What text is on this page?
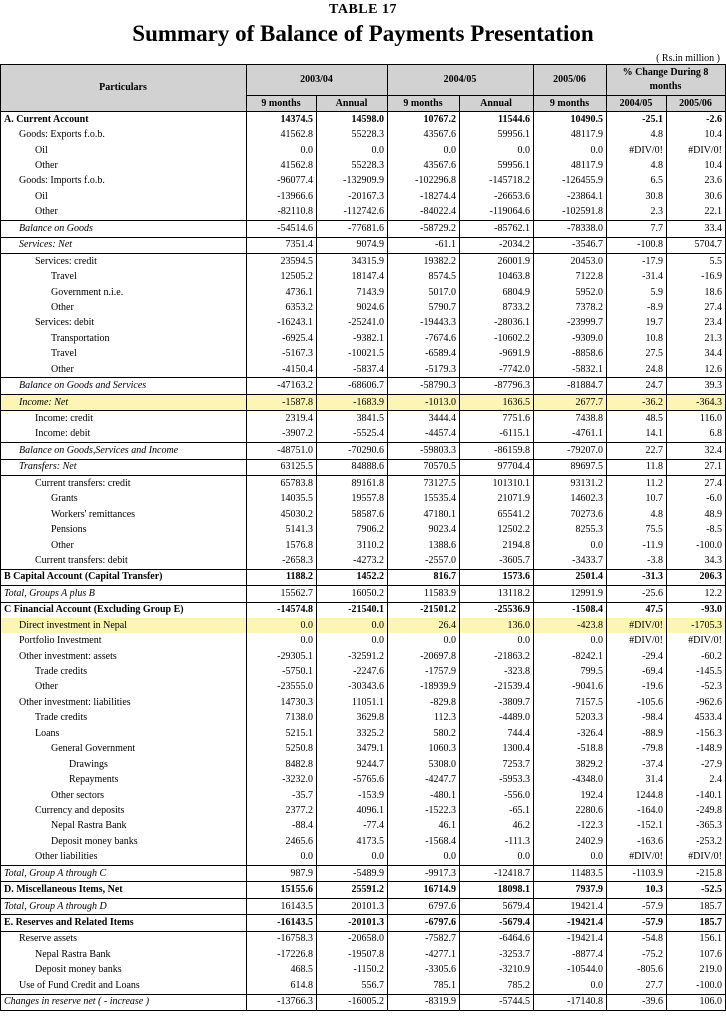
TABLE 17
Summary of Balance of Payments Presentation
( Rs.in million )
Particulars	2003/04		2004/05		2005/06	% Change During 8 months	
	9 months	Annual	9 months	Annual	9 months	2004/05	2005/06
A. Current Account	14374.5	14598.0	10767.2	11544.6	10490.5	-25.1	-2.6
Goods: Exports f.o.b.	41562.8	55228.3	43567.6	59956.1	48117.9	4.8	10.4
Oil	0.0	0.0	0.0	0.0	0.0	#DIV/0!	#DIV/0!
Other	41562.8	55228.3	43567.6	59956.1	48117.9	4.8	10.4
Goods: Imports f.o.b.	-96077.4	-132909.9	-102296.8	-145718.2	-126455.9	6.5	23.6
Oil	-13966.6	-20167.3	-18274.4	-26653.6	-23864.1	30.8	30.6
Other	-82110.8	-112742.6	-84022.4	-119064.6	-102591.8	2.3	22.1
Balance on Goods	-54514.6	-77681.6	-58729.2	-85762.1	-78338.0	7.7	33.4
Services: Net	7351.4	9074.9	-61.1	-2034.2	-3546.7	-100.8	5704.7
Services: credit	23594.5	34315.9	19382.2	26001.9	20453.0	-17.9	5.5
Travel	12505.2	18147.4	8574.5	10463.8	7122.8	-31.4	-16.9
Government n.i.e.	4736.1	7143.9	5017.0	6804.9	5952.0	5.9	18.6
Other	6353.2	9024.6	5790.7	8733.2	7378.2	-8.9	27.4
Services: debit	-16243.1	-25241.0	-19443.3	-28036.1	-23999.7	19.7	23.4
Transportation	-6925.4	-9382.1	-7674.6	-10602.2	-9309.0	10.8	21.3
Travel	-5167.3	-10021.5	-6589.4	-9691.9	-8858.6	27.5	34.4
Other	-4150.4	-5837.4	-5179.3	-7742.0	-5832.1	24.8	12.6
Balance on Goods and Services	-47163.2	-68606.7	-58790.3	-87796.3	-81884.7	24.7	39.3
Income: Net	-1587.8	-1683.9	-1013.0	1636.5	2677.7	-36.2	-364.3
Income: credit	2319.4	3841.5	3444.4	7751.6	7438.8	48.5	116.0
Income: debit	-3907.2	-5525.4	-4457.4	-6115.1	-4761.1	14.1	6.8
Balance on Goods,Services and Income	-48751.0	-70290.6	-59803.3	-86159.8	-79207.0	22.7	32.4
Transfers: Net	63125.5	84888.6	70570.5	97704.4	89697.5	11.8	27.1
Current transfers: credit	65783.8	89161.8	73127.5	101310.1	93131.2	11.2	27.4
Grants	14035.5	19557.8	15535.4	21071.9	14602.3	10.7	-6.0
Workers' remittances	45030.2	58587.6	47180.1	65541.2	70273.6	4.8	48.9
Pensions	5141.3	7906.2	9023.4	12502.2	8255.3	75.5	-8.5
Other	1576.8	3110.2	1388.6	2194.8	0.0	-11.9	-100.0
Current transfers: debit	-2658.3	-4273.2	-2557.0	-3605.7	-3433.7	-3.8	34.3
B Capital Account (Capital Transfer)	1188.2	1452.2	816.7	1573.6	2501.4	-31.3	206.3
Total, Groups A plus B	15562.7	16050.2	11583.9	13118.2	12991.9	-25.6	12.2
C Financial Account (Excluding Group E)	-14574.8	-21540.1	-21501.2	-25536.9	-1508.4	47.5	-93.0
Direct investment in Nepal	0.0	0.0	26.4	136.0	-423.8	#DIV/0!	-1705.3
Portfolio Investment	0.0	0.0	0.0	0.0	0.0	#DIV/0!	#DIV/0!
Other investment: assets	-29305.1	-32591.2	-20697.8	-21863.2	-8242.1	-29.4	-60.2
Trade credits	-5750.1	-2247.6	-1757.9	-323.8	799.5	-69.4	-145.5
Other	-23555.0	-30343.6	-18939.9	-21539.4	-9041.6	-19.6	-52.3
Other investment: liabilities	14730.3	11051.1	-829.8	-3809.7	7157.5	-105.6	-962.6
Trade credits	7138.0	3629.8	112.3	-4489.0	5203.3	-98.4	4533.4
Loans	5215.1	3325.2	580.2	744.4	-326.4	-88.9	-156.3
General Government	5250.8	3479.1	1060.3	1300.4	-518.8	-79.8	-148.9
Drawings	8482.8	9244.7	5308.0	7253.7	3829.2	-37.4	-27.9
Repayments	-3232.0	-5765.6	-4247.7	-5953.3	-4348.0	31.4	2.4
Other sectors	-35.7	-153.9	-480.1	-556.0	192.4	1244.8	-140.1
Currency and deposits	2377.2	4096.1	-1522.3	-65.1	2280.6	-164.0	-249.8
Nepal Rastra Bank	-88.4	-77.4	46.1	46.2	-122.3	-152.1	-365.3
Deposit money banks	2465.6	4173.5	-1568.4	-111.3	2402.9	-163.6	-253.2
Other liabilities	0.0	0.0	0.0	0.0	0.0	#DIV/0!	#DIV/0!
Total, Group A through C	987.9	-5489.9	-9917.3	-12418.7	11483.5	-1103.9	-215.8
D. Miscellaneous Items, Net	15155.6	25591.2	16714.9	18098.1	7937.9	10.3	-52.5
Total, Group A through D	16143.5	20101.3	6797.6	5679.4	19421.4	-57.9	185.7
E. Reserves and Related Items	-16143.5	-20101.3	-6797.6	-5679.4	-19421.4	-57.9	185.7
Reserve assets	-16758.3	-20658.0	-7582.7	-6464.6	-19421.4	-54.8	156.1
Nepal Rastra Bank	-17226.8	-19507.8	-4277.1	-3253.7	-8877.4	-75.2	107.6
Deposit money banks	468.5	-1150.2	-3305.6	-3210.9	-10544.0	-805.6	219.0
Use of Fund Credit and Loans	614.8	556.7	785.1	785.2	0.0	27.7	-100.0
Changes in reserve net ( - increase )	-13766.3	-16005.2	-8319.9	-5744.5	-17140.8	-39.6	106.0
